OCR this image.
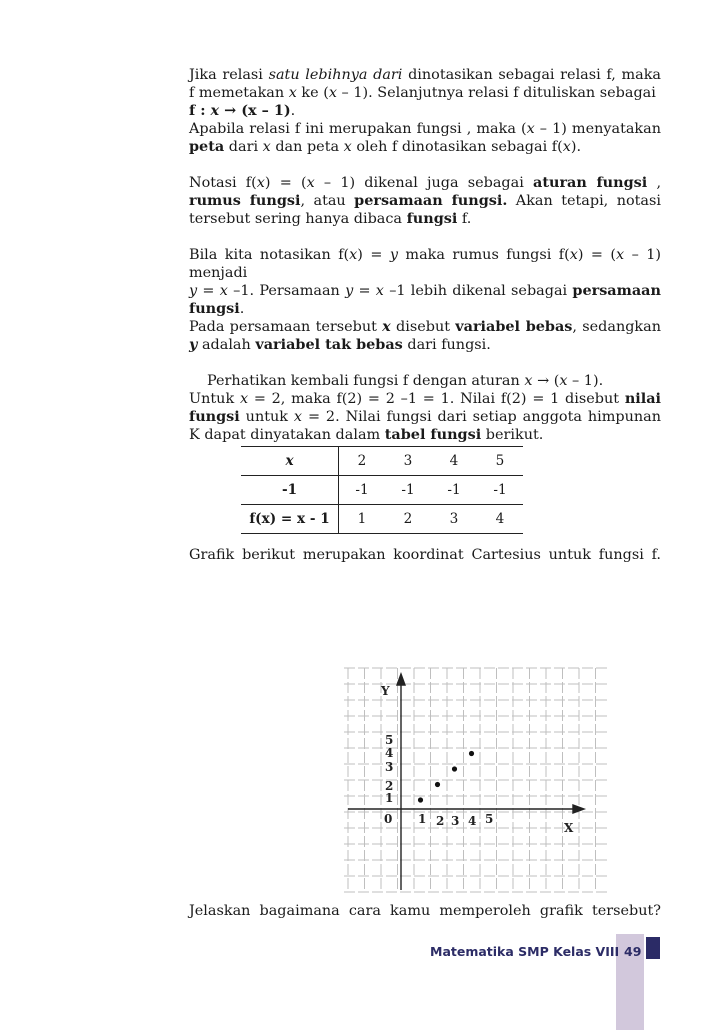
Jika relasi satu lebihnya dari dinotasikan sebagai relasi f, maka f memetakan x ke (x – 1). Selanjutnya relasi f dituliskan sebagai

f : x → (x – 1).

Apabila relasi f ini merupakan fungsi , maka (x – 1) menyatakan

peta dari x dan peta x oleh f dinotasikan sebagai f(x).

Notasi f(x) = (x – 1) dikenal juga sebagai aturan fungsi , rumus fungsi, atau persamaan fungsi. Akan tetapi, notasi tersebut sering hanya dibaca fungsi f.

Bila kita notasikan f(x) = y maka rumus fungsi f(x) = (x – 1)

menjadi

y = x –1. Persamaan y = x –1 lebih dikenal sebagai persamaan fungsi.

Pada persamaan tersebut x disebut variabel bebas, sedangkan y adalah variabel tak bebas dari fungsi.

Perhatikan kembali fungsi f dengan aturan x → (x – 1).

Untuk x = 2, maka f(2) = 2 –1 = 1. Nilai f(2) = 1 disebut nilai fungsi untuk x = 2. Nilai fungsi dari setiap anggota himpunan K dapat dinyatakan dalam tabel fungsi berikut.

x	2	3	4	5
-1	-1	-1	-1	-1
f(x) = x - 1	1	2	3	4

Grafik berikut merupakan koordinat Cartesius untuk fungsi f.

Y
X
0 1 2 3 4 5
1
2
3
4
5

Jelaskan bagaimana cara kamu memperoleh grafik tersebut?

Matematika SMP Kelas VIII 49
